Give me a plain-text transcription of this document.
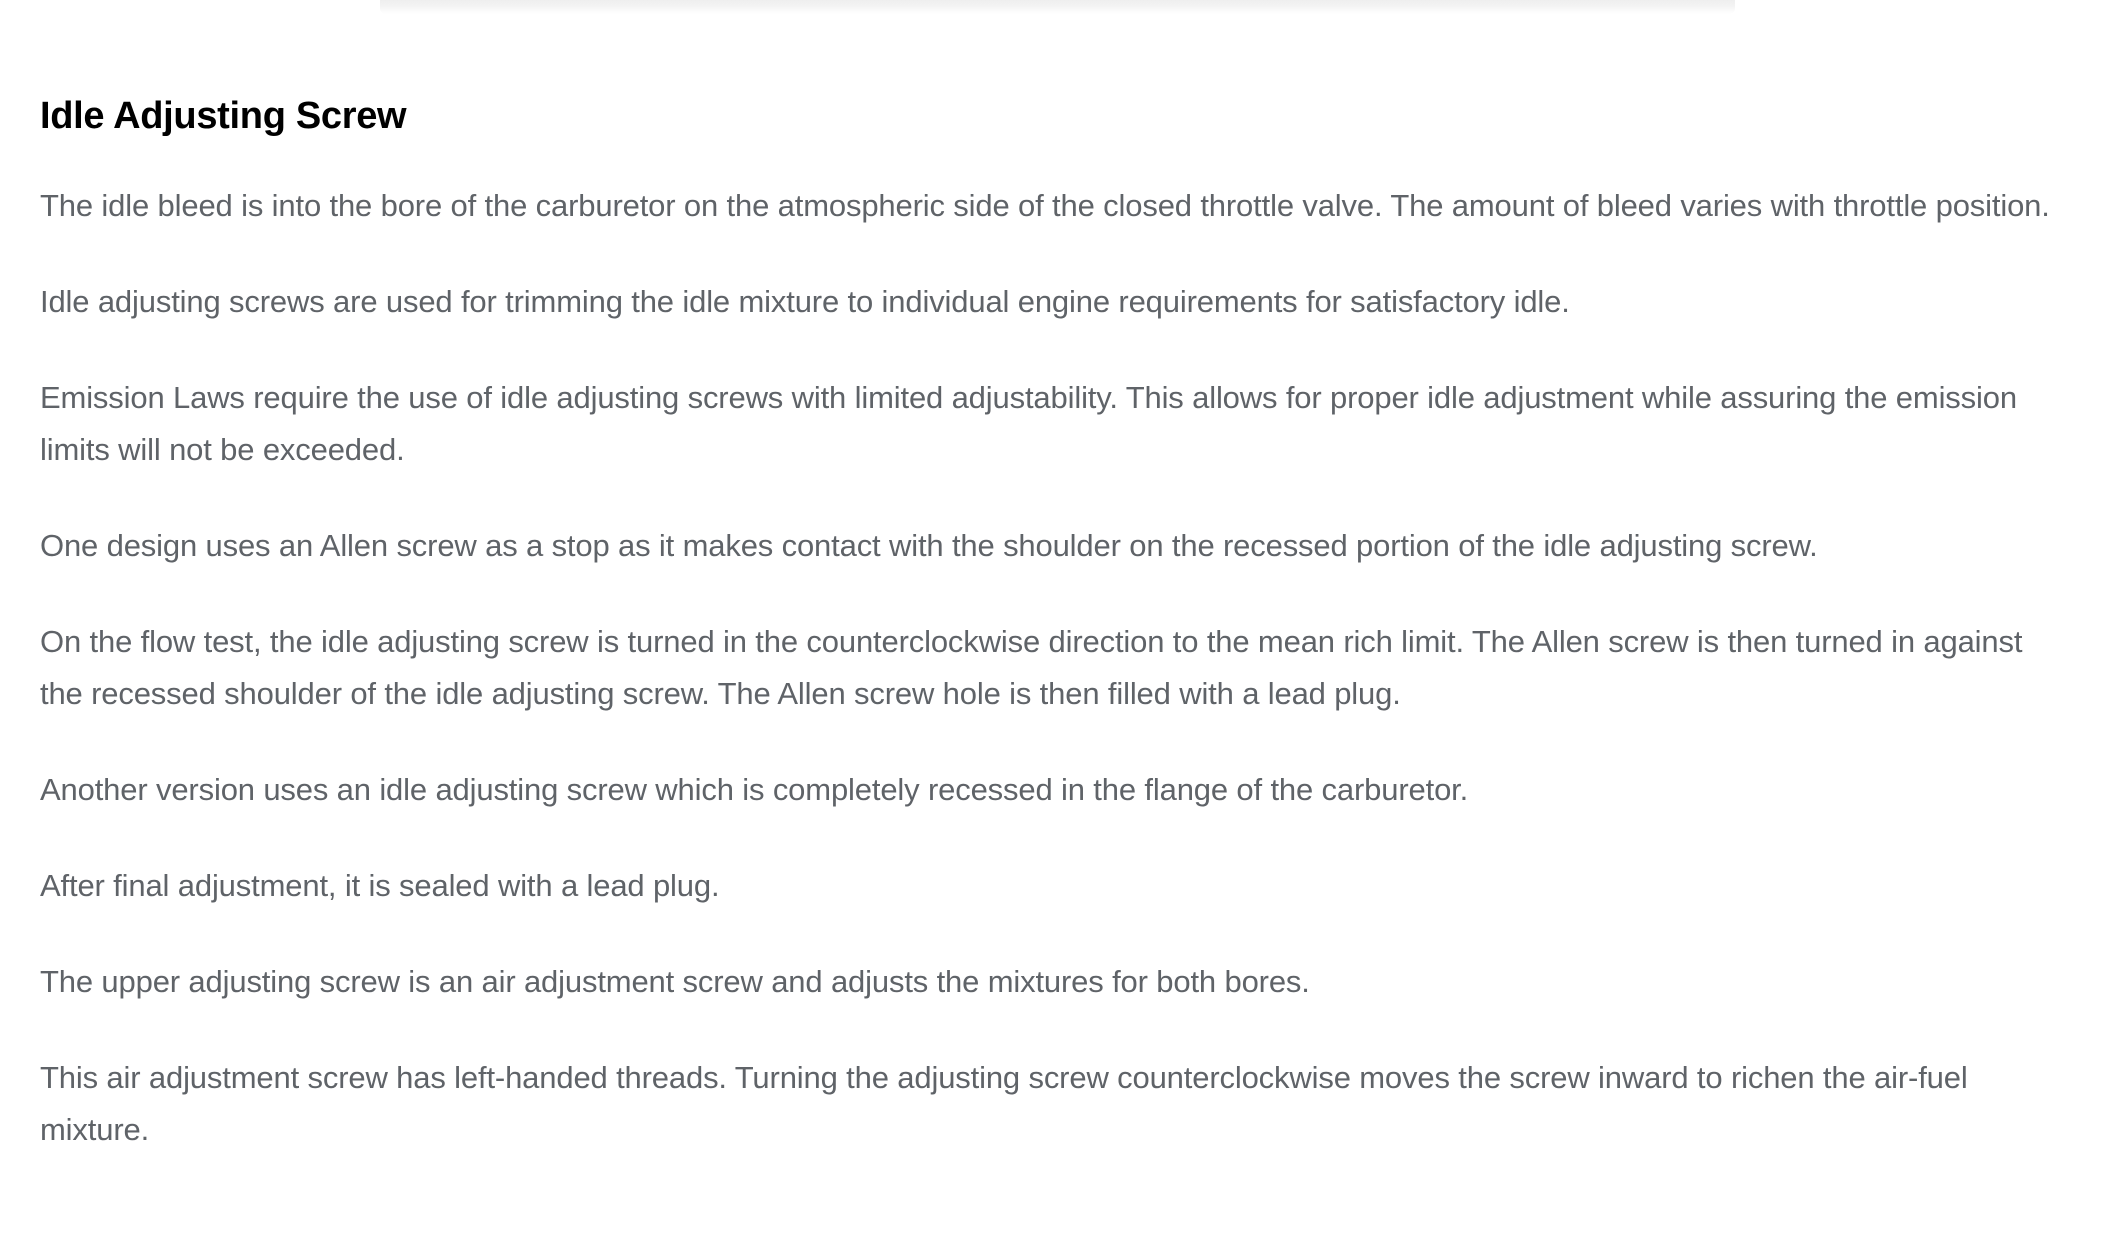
Idle Adjusting Screw

The idle bleed is into the bore of the carburetor on the atmospheric side of the closed throttle valve. The amount of bleed varies with throttle position.

Idle adjusting screws are used for trimming the idle mixture to individual engine requirements for satisfactory idle.

Emission Laws require the use of idle adjusting screws with limited adjustability. This allows for proper idle adjustment while assuring the emission limits will not be exceeded.

One design uses an Allen screw as a stop as it makes contact with the shoulder on the recessed portion of the idle adjusting screw.

On the flow test, the idle adjusting screw is turned in the counterclockwise direction to the mean rich limit. The Allen screw is then turned in against the recessed shoulder of the idle adjusting screw. The Allen screw hole is then filled with a lead plug.

Another version uses an idle adjusting screw which is completely recessed in the flange of the carburetor.

After final adjustment, it is sealed with a lead plug.

The upper adjusting screw is an air adjustment screw and adjusts the mixtures for both bores.

This air adjustment screw has left-handed threads. Turning the adjusting screw counterclockwise moves the screw inward to richen the air-fuel mixture.
